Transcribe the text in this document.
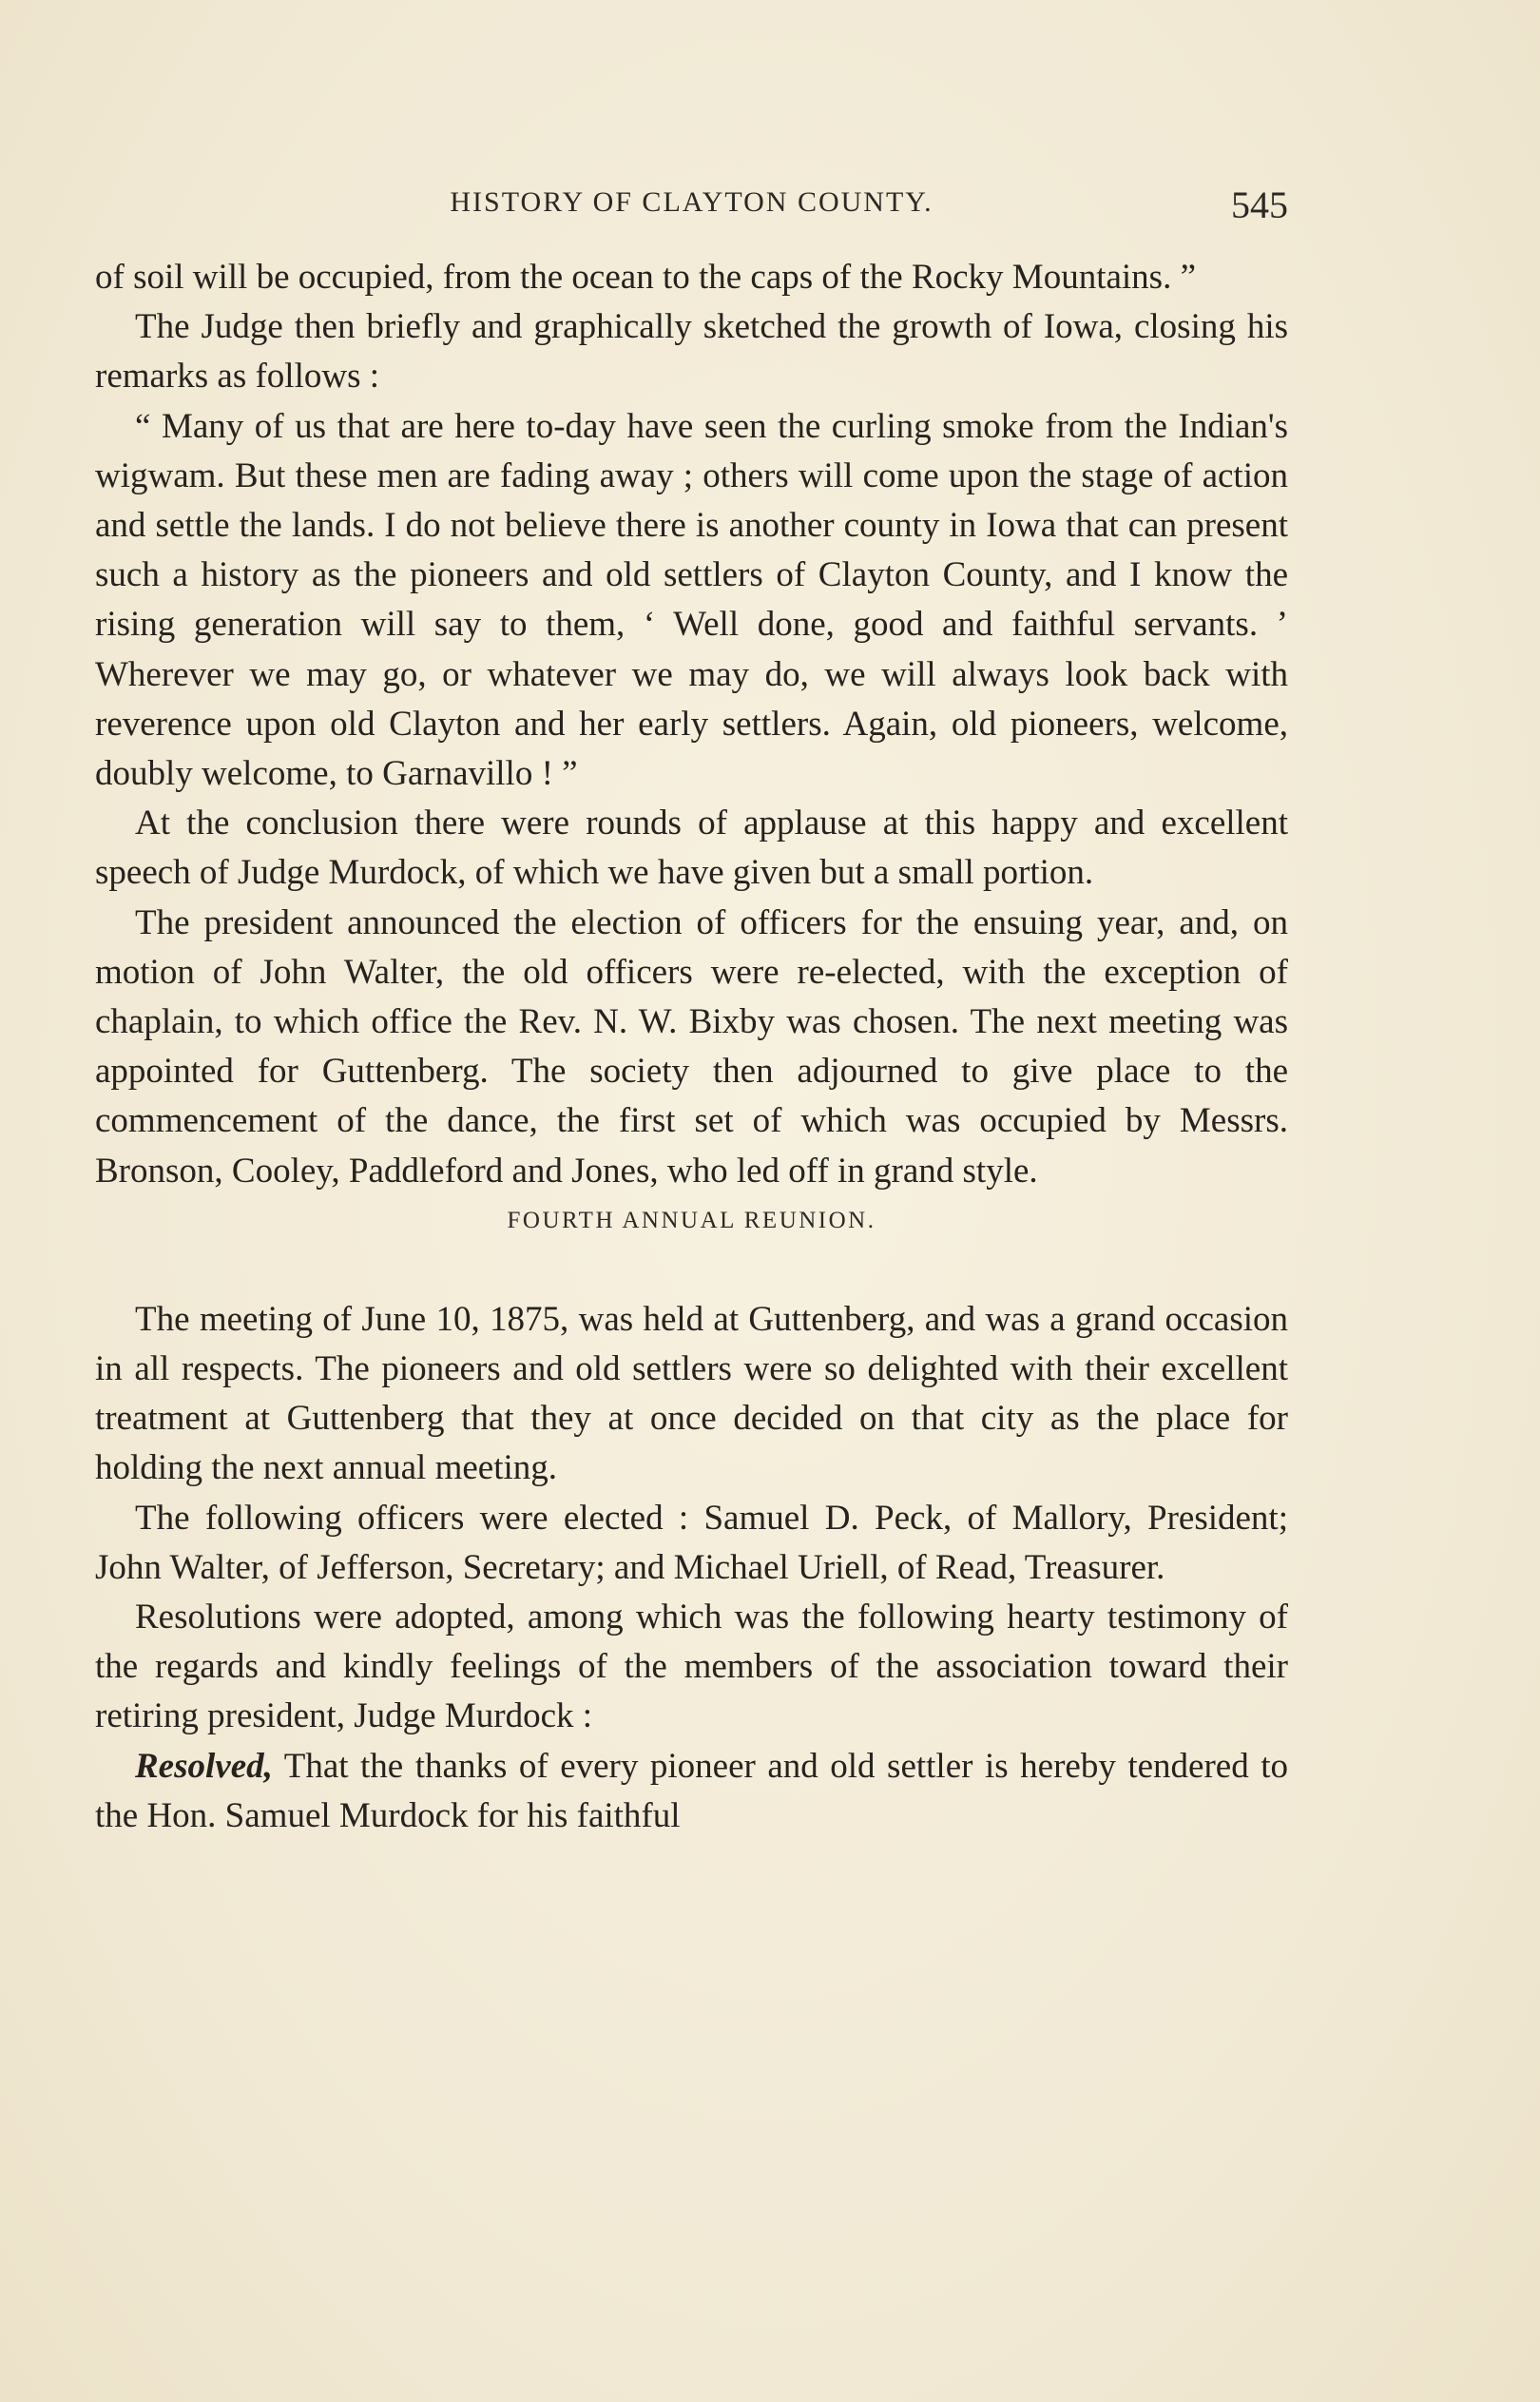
HISTORY OF CLAYTON COUNTY.	545

of soil will be occupied, from the ocean to the caps of the Rocky Mountains. ”

The Judge then briefly and graphically sketched the growth of Iowa, closing his remarks as follows :

“ Many of us that are here to-day have seen the curling smoke from the Indian's wigwam. But these men are fading away ; others will come upon the stage of action and settle the lands. I do not believe there is another county in Iowa that can present such a history as the pioneers and old settlers of Clayton County, and I know the rising generation will say to them, ‘ Well done, good and faithful servants. ’ Wherever we may go, or whatever we may do, we will always look back with reverence upon old Clayton and her early settlers. Again, old pioneers, welcome, doubly welcome, to Garnavillo ! ”

At the conclusion there were rounds of applause at this happy and excellent speech of Judge Murdock, of which we have given but a small portion.

The president announced the election of officers for the ensuing year, and, on motion of John Walter, the old officers were re-elected, with the exception of chaplain, to which office the Rev. N. W. Bixby was chosen. The next meeting was appointed for Guttenberg. The society then adjourned to give place to the commencement of the dance, the first set of which was occupied by Messrs. Bronson, Cooley, Paddleford and Jones, who led off in grand style.

FOURTH ANNUAL REUNION.

The meeting of June 10, 1875, was held at Guttenberg, and was a grand occasion in all respects. The pioneers and old settlers were so delighted with their excellent treatment at Guttenberg that they at once decided on that city as the place for holding the next annual meeting.

The following officers were elected : Samuel D. Peck, of Mallory, President; John Walter, of Jefferson, Secretary; and Michael Uriell, of Read, Treasurer.

Resolutions were adopted, among which was the following hearty testimony of the regards and kindly feelings of the members of the association toward their retiring president, Judge Murdock :

Resolved, That the thanks of every pioneer and old settler is hereby tendered to the Hon. Samuel Murdock for his faithful
